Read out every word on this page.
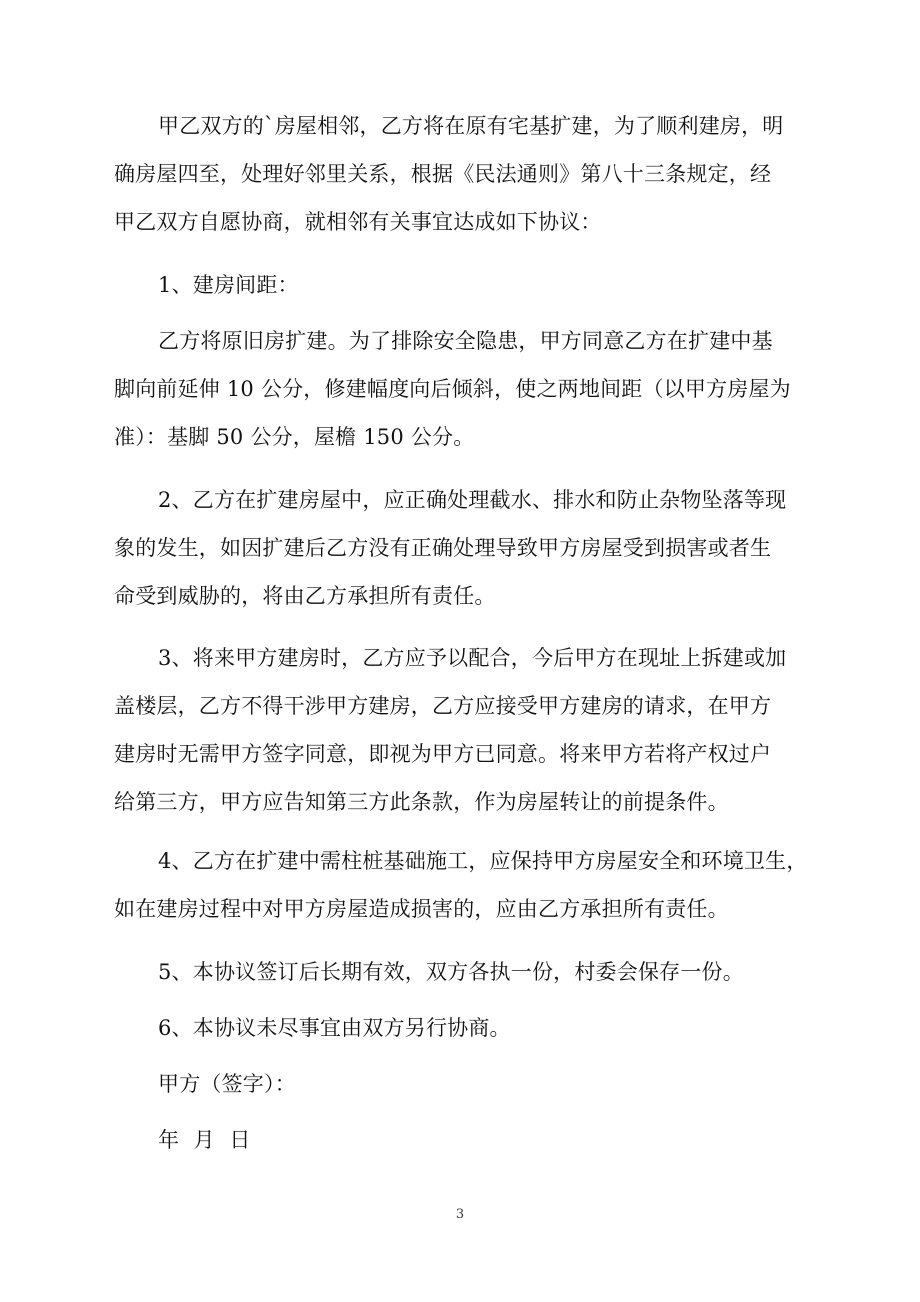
甲乙双方的`房屋相邻，乙方将在原有宅基扩建，为了顺利建房，明
确房屋四至，处理好邻里关系，根据《民法通则》第八十三条规定，经
甲乙双方自愿协商，就相邻有关事宜达成如下协议：
1、建房间距：
乙方将原旧房扩建。为了排除安全隐患，甲方同意乙方在扩建中基
脚向前延伸 10 公分，修建幅度向后倾斜，使之两地间距（以甲方房屋为
准）：基脚 50 公分，屋檐 150 公分。
2、乙方在扩建房屋中，应正确处理截水、排水和防止杂物坠落等现
象的发生，如因扩建后乙方没有正确处理导致甲方房屋受到损害或者生
命受到威胁的，将由乙方承担所有责任。
3、将来甲方建房时，乙方应予以配合，今后甲方在现址上拆建或加
盖楼层，乙方不得干涉甲方建房，乙方应接受甲方建房的请求，在甲方
建房时无需甲方签字同意，即视为甲方已同意。将来甲方若将产权过户
给第三方，甲方应告知第三方此条款，作为房屋转让的前提条件。
4、乙方在扩建中需柱桩基础施工，应保持甲方房屋安全和环境卫生，
如在建房过程中对甲方房屋造成损害的，应由乙方承担所有责任。
5、本协议签订后长期有效，双方各执一份，村委会保存一份。
6、本协议未尽事宜由双方另行协商。
甲方（签字）：
年 月 日
3
